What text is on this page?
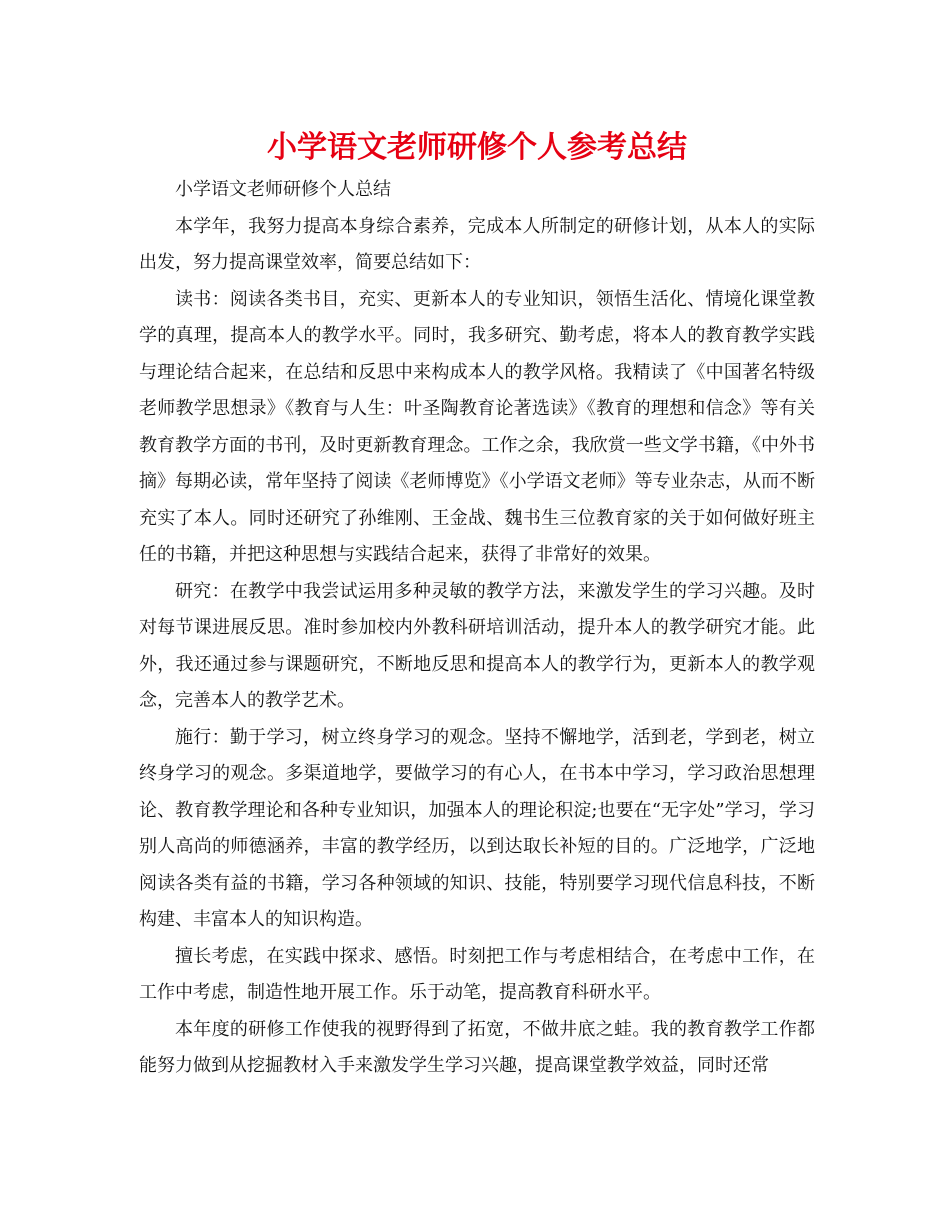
小学语文老师研修个人参考总结

小学语文老师研修个人总结

本学年，我努力提高本身综合素养，完成本人所制定的研修计划，从本人的实际出发，努力提高课堂效率，简要总结如下：

读书：阅读各类书目，充实、更新本人的专业知识，领悟生活化、情境化课堂教学的真理，提高本人的教学水平。同时，我多研究、勤考虑，将本人的教育教学实践与理论结合起来，在总结和反思中来构成本人的教学风格。我精读了《中国著名特级老师教学思想录》《教育与人生：叶圣陶教育论著选读》《教育的理想和信念》等有关教育教学方面的书刊，及时更新教育理念。工作之余，我欣赏一些文学书籍，《中外书摘》每期必读，常年坚持了阅读《老师博览》《小学语文老师》等专业杂志，从而不断充实了本人。同时还研究了孙维刚、王金战、魏书生三位教育家的关于如何做好班主任的书籍，并把这种思想与实践结合起来，获得了非常好的效果。

研究：在教学中我尝试运用多种灵敏的教学方法，来激发学生的学习兴趣。及时对每节课进展反思。准时参加校内外教科研培训活动，提升本人的教学研究才能。此外，我还通过参与课题研究，不断地反思和提高本人的教学行为，更新本人的教学观念，完善本人的教学艺术。

施行：勤于学习，树立终身学习的观念。坚持不懈地学，活到老，学到老，树立终身学习的观念。多渠道地学，要做学习的有心人，在书本中学习，学习政治思想理论、教育教学理论和各种专业知识，加强本人的理论积淀;也要在“无字处”学习，学习别人高尚的师德涵养，丰富的教学经历，以到达取长补短的目的。广泛地学，广泛地阅读各类有益的书籍，学习各种领域的知识、技能，特别要学习现代信息科技，不断构建、丰富本人的知识构造。

擅长考虑，在实践中探求、感悟。时刻把工作与考虑相结合，在考虑中工作，在工作中考虑，制造性地开展工作。乐于动笔，提高教育科研水平。

本年度的研修工作使我的视野得到了拓宽，不做井底之蛙。我的教育教学工作都能努力做到从挖掘教材入手来激发学生学习兴趣，提高课堂教学效益，同时还常
